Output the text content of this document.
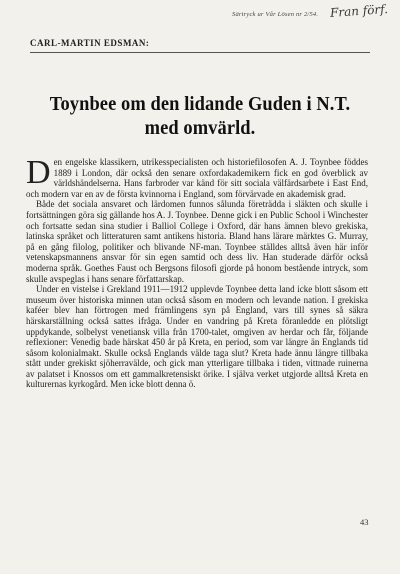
Särtryck ur Vår Lösen nr 2/54. Fran förf.
CARL-MARTIN EDSMAN:
Toynbee om den lidande Guden i N.T.
med omvärld.

Den engelske klassikern, utrikesspecialisten och historiefilosofen A. J. Toynbee föddes 1889 i London, där också den senare oxfordakademikern fick en god överblick av världshändelserna. Hans farbroder var känd för sitt sociala välfärdsarbete i East End, och modern var en av de första kvinnorna i England, som förvärvade en akademisk grad.

Både det sociala ansvaret och lärdomen funnos sålunda företrädda i släkten och skulle i fortsättningen göra sig gällande hos A. J. Toynbee. Denne gick i en Public School i Winchester och fortsatte sedan sina studier i Balliol College i Oxford, där hans ämnen blevo grekiska, latinska språket och litteraturen samt antikens historia. Bland hans lärare märktes G. Murray, på en gång filolog, politiker och blivande NF-man. Toynbee ställdes alltså även här inför vetenskapsmannens ansvar för sin egen samtid och dess liv. Han studerade därför också moderna språk. Goethes Faust och Bergsons filosofi gjorde på honom bestående intryck, som skulle avspeglas i hans senare författarskap.

Under en vistelse i Grekland 1911—1912 upplevde Toynbee detta land icke blott såsom ett museum över historiska minnen utan också såsom en modern och levande nation. I grekiska kaféer blev han förtrogen med främlingens syn på England, vars till synes så säkra härskarställning också sattes ifråga. Under en vandring på Kreta föranleddе en plötsligt uppdykande, solbelyst venetiansk villa från 1700-talet, omgiven av herdar och får, följande reflexioner: Venedig bade härskat 450 år på Kreta, en period, som var längre än Englands tid såsom kolonialmakt. Skulle också Englands välde taga slut? Kreta hade ännu längre tillbaka stått under grekiskt sjöherravälde, och gick man ytterligare tillbaka i tiden, vittnade ruinerna av palatset i Knossos om ett gammalkretensiskt örike. I själva verket utgjorde alltså Kreta en kulturernas kyrkogård. Men icke blott denna ö.

43
